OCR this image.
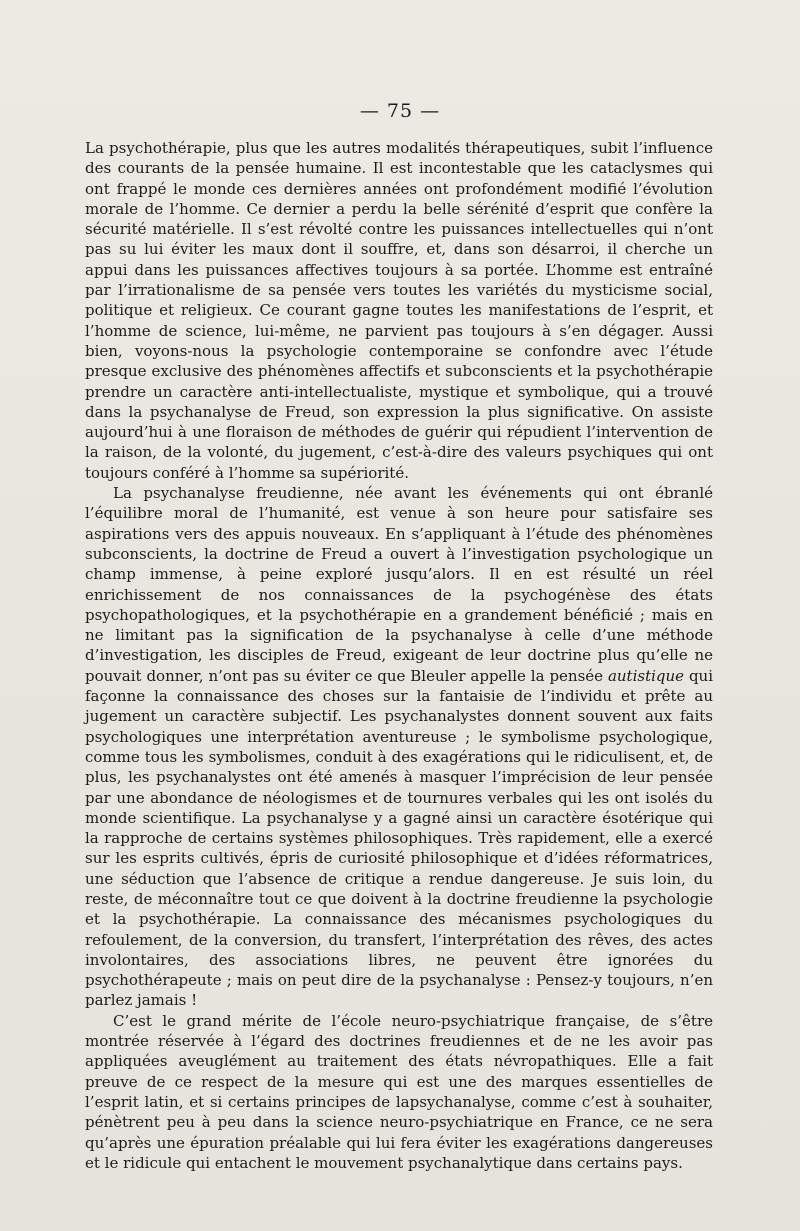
— 75 —

La psychothérapie, plus que les autres modalités thérapeutiques, subit l’influence des courants de la pensée humaine. Il est incontestable que les cataclysmes qui ont frappé le monde ces dernières années ont profondément modifié l’évolution morale de l’homme. Ce dernier a perdu la belle sérénité d’esprit que confère la sécurité matérielle. Il s’est révolté contre les puissances intellectuelles qui n’ont pas su lui éviter les maux dont il souffre, et, dans son désarroi, il cherche un appui dans les puissances affectives toujours à sa portée. L’homme est entraîné par l’irrationalisme de sa pensée vers toutes les variétés du mysticisme social, politique et religieux. Ce courant gagne toutes les manifestations de l’esprit, et l’homme de science, lui-même, ne parvient pas toujours à s’en dégager. Aussi bien, voyons-nous la psychologie contemporaine se confondre avec l’étude presque exclusive des phénomènes affectifs et subconscients et la psychothérapie prendre un caractère anti-intellectualiste, mystique et symbolique, qui a trouvé dans la psychanalyse de Freud, son expression la plus significative. On assiste aujourd’hui à une floraison de méthodes de guérir qui répudient l’intervention de la raison, de la volonté, du jugement, c’est-à-dire des valeurs psychiques qui ont toujours conféré à l’homme sa supériorité.

La psychanalyse freudienne, née avant les événements qui ont ébranlé l’équilibre moral de l’humanité, est venue à son heure pour satisfaire ses aspirations vers des appuis nouveaux. En s’appliquant à l’étude des phénomènes subconscients, la doctrine de Freud a ouvert à l’investigation psychologique un champ immense, à peine exploré jusqu’alors. Il en est résulté un réel enrichissement de nos connaissances de la psychogénèse des états psychopathologiques, et la psychothérapie en a grandement bénéficié ; mais en ne limitant pas la signification de la psychanalyse à celle d’une méthode d’investigation, les disciples de Freud, exigeant de leur doctrine plus qu’elle ne pouvait donner, n’ont pas su éviter ce que Bleuler appelle la pensée autistique qui façonne la connaissance des choses sur la fantaisie de l’individu et prête au jugement un caractère subjectif. Les psychanalystes donnent souvent aux faits psychologiques une interprétation aventureuse ; le symbolisme psychologique, comme tous les symbolismes, conduit à des exagérations qui le ridiculisent, et, de plus, les psychanalystes ont été amenés à masquer l’imprécision de leur pensée par une abondance de néologismes et de tournures verbales qui les ont isolés du monde scientifique. La psychanalyse y a gagné ainsi un caractère ésotérique qui la rapproche de certains systèmes philosophiques. Très rapidement, elle a exercé sur les esprits cultivés, épris de curiosité philosophique et d’idées réformatrices, une séduction que l’absence de critique a rendue dangereuse. Je suis loin, du reste, de méconnaître tout ce que doivent à la doctrine freudienne la psychologie et la psychothérapie. La connaissance des mécanismes psychologiques du refoulement, de la conversion, du transfert, l’interprétation des rêves, des actes involontaires, des associations libres, ne peuvent être ignorées du psychothérapeute ; mais on peut dire de la psychanalyse : Pensez-y toujours, n’en parlez jamais !

C’est le grand mérite de l’école neuro-psychiatrique française, de s’être montrée réservée à l’égard des doctrines freudiennes et de ne les avoir pas appliquées aveuglément au traitement des états névropathiques. Elle a fait preuve de ce respect de la mesure qui est une des marques essentielles de l’esprit latin, et si certains principes de lapsychanalyse, comme c’est à souhaiter, pénètrent peu à peu dans la science neuro-psychiatrique en France, ce ne sera qu’après une épuration préalable qui lui fera éviter les exagérations dangereuses et le ridicule qui entachent le mouvement psychanalytique dans certains pays.
